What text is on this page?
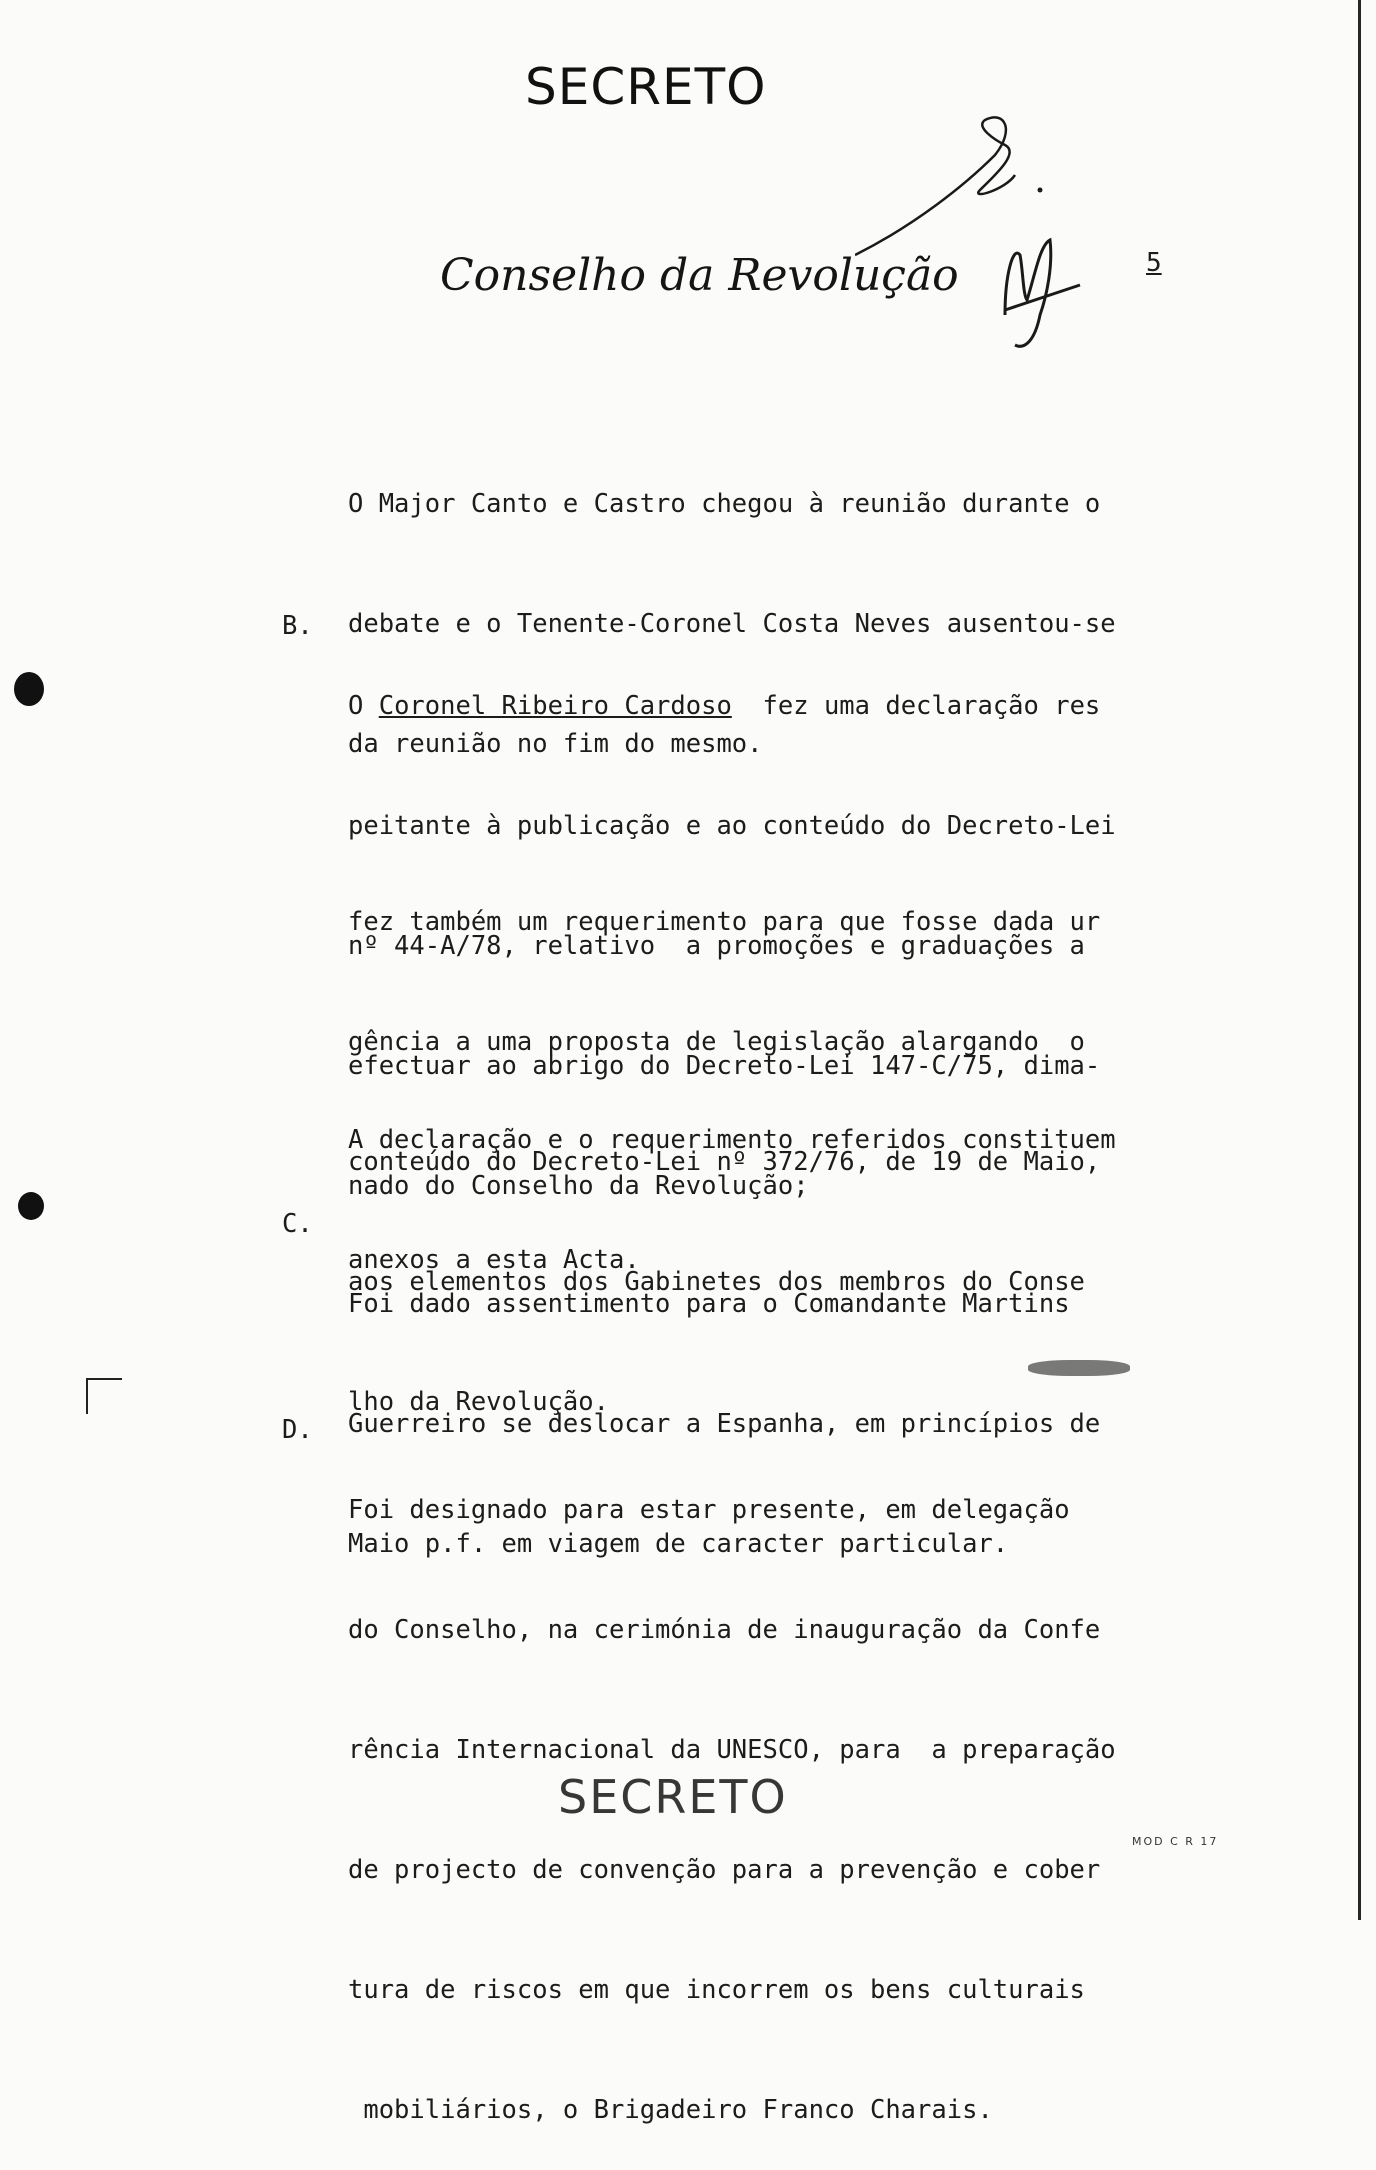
SECRETO
Conselho da Revolução	5

O Major Canto e Castro chegou à reunião durante o

debate e o Tenente-Coronel Costa Neves ausentou-se

da reunião no fim do mesmo.

B.

O Coronel Ribeiro Cardoso  fez uma declaração res

peitante à publicação e ao conteúdo do Decreto-Lei

nº 44-A/78, relativo  a promoções e graduações a

efectuar ao abrigo do Decreto-Lei 147-C/75, dima-

nado do Conselho da Revolução;

fez também um requerimento para que fosse dada ur

gência a uma proposta de legislação alargando  o

conteúdo do Decreto-Lei nº 372/76, de 19 de Maio,

aos elementos dos Gabinetes dos membros do Conse

lho da Revolução.

A declaração e o requerimento referidos constituem

anexos a esta Acta.

C.

Foi dado assentimento para o Comandante Martins

Guerreiro se deslocar a Espanha, em princípios de

Maio p.f. em viagem de caracter particular.

D.

Foi designado para estar presente, em delegação

do Conselho, na cerimónia de inauguração da Confe

rência Internacional da UNESCO, para  a preparação

de projecto de convenção para a prevenção e cober

tura de riscos em que incorrem os bens culturais

mobiliários, o Brigadeiro Franco Charais.

SECRETO
MOD C R 17
